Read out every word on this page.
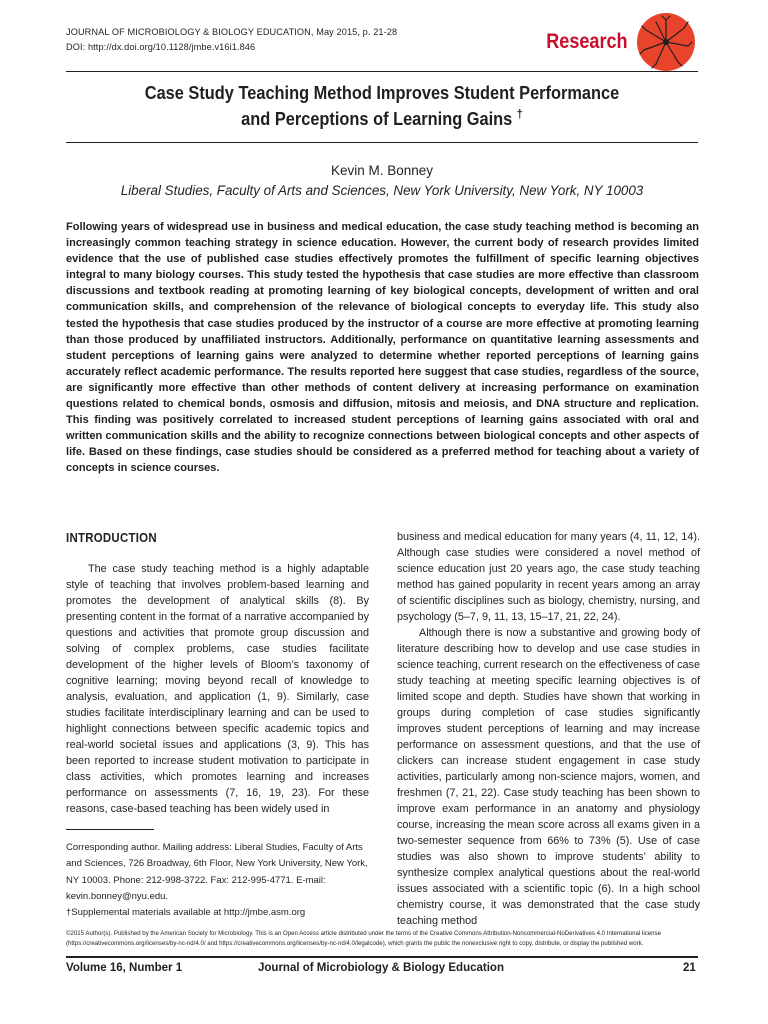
JOURNAL OF MICROBIOLOGY & BIOLOGY EDUCATION, May 2015, p. 21-28
DOI: http://dx.doi.org/10.1128/jmbe.v16i1.846	Research
Case Study Teaching Method Improves Student Performance
and Perceptions of Learning Gains †
Kevin M. Bonney
Liberal Studies, Faculty of Arts and Sciences, New York University, New York, NY 10003

Following years of widespread use in business and medical education, the case study teaching method is becoming an increasingly common teaching strategy in science education. However, the current body of research provides limited evidence that the use of published case studies effectively promotes the fulfillment of specific learning objectives integral to many biology courses. This study tested the hypothesis that case studies are more effective than classroom discussions and textbook reading at promoting learning of key biological concepts, development of written and oral communication skills, and comprehension of the relevance of biological concepts to everyday life. This study also tested the hypothesis that case studies produced by the instructor of a course are more effective at promoting learning than those produced by unaffiliated instructors. Additionally, performance on quantitative learning assessments and student perceptions of learning gains were analyzed to determine whether reported perceptions of learning gains accurately reflect academic performance. The results reported here suggest that case studies, regardless of the source, are significantly more effective than other methods of content delivery at increasing performance on examination questions related to chemical bonds, osmosis and diffusion, mitosis and meiosis, and DNA structure and replication. This finding was positively correlated to increased student perceptions of learning gains associated with oral and written communication skills and the ability to recognize connections between biological concepts and other aspects of life. Based on these findings, case studies should be considered as a preferred method for teaching about a variety of concepts in science courses.

INTRODUCTION

The case study teaching method is a highly adaptable style of teaching that involves problem-based learning and promotes the development of analytical skills (8). By presenting content in the format of a narrative accompanied by questions and activities that promote group discussion and solving of complex problems, case studies facilitate development of the higher levels of Bloom’s taxonomy of cognitive learning; moving beyond recall of knowledge to analysis, evaluation, and application (1, 9). Similarly, case studies facilitate interdisciplinary learning and can be used to highlight connections between specific academic topics and real-world societal issues and applications (3, 9). This has been reported to increase student motivation to participate in class activities, which promotes learning and increases performance on assessments (7, 16, 19, 23). For these reasons, case-based teaching has been widely used in

business and medical education for many years (4, 11, 12, 14). Although case studies were considered a novel method of science education just 20 years ago, the case study teaching method has gained popularity in recent years among an array of scientific disciplines such as biology, chemistry, nursing, and psychology (5–7, 9, 11, 13, 15–17, 21, 22, 24).

Although there is now a substantive and growing body of literature describing how to develop and use case studies in science teaching, current research on the effectiveness of case study teaching at meeting specific learning objectives is of limited scope and depth. Studies have shown that working in groups during completion of case studies significantly improves student perceptions of learning and may increase performance on assessment questions, and that the use of clickers can increase student engagement in case study activities, particularly among non-science majors, women, and freshmen (7, 21, 22). Case study teaching has been shown to improve exam performance in an anatomy and physiology course, increasing the mean score across all exams given in a two-semester sequence from 66% to 73% (5). Use of case studies was also shown to improve students’ ability to synthesize complex analytical questions about the real-world issues associated with a scientific topic (6). In a high school chemistry course, it was demonstrated that the case study teaching method

Corresponding author. Mailing address: Liberal Studies, Faculty of Arts and Sciences, 726 Broadway, 6th Floor, New York University, New York, NY 10003. Phone: 212-998-3722. Fax: 212-995-4771. E-mail: kevin.bonney@nyu.edu.

†Supplemental materials available at http://jmbe.asm.org

©2015 Author(s). Published by the American Society for Microbiology. This is an Open Access article distributed under the terms of the Creative Commons Attribution-Noncommercial-NoDerivatives 4.0 International license (https://creativecommons.org/licenses/by-nc-nd/4.0/ and https://creativecommons.org/licenses/by-nc-nd/4.0/legalcode), which grants the public the nonexclusive right to copy, distribute, or display the published work.
Volume 16, Number 1	Journal of Microbiology & Biology Education	21
